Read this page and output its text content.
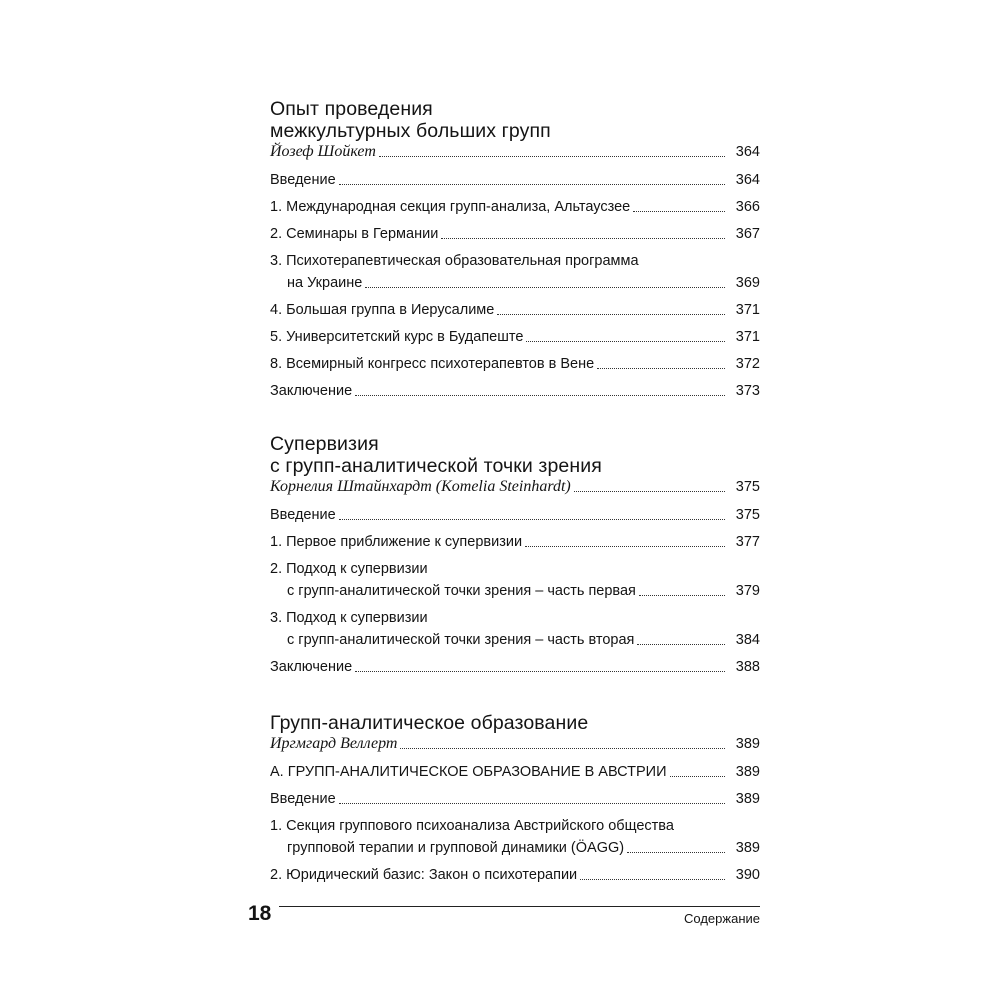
Опыт проведения
межкультурных больших групп
Йозеф Шойкет	364
Введение	364
1. Международная секция групп-анализа, Альтаусзее	366
2. Семинары в Германии	367
3. Психотерапевтическая образовательная программа
на Украине	369
4. Большая группа в Иерусалиме	371
5. Университетский курс в Будапеште	371
8. Всемирный конгресс психотерапевтов в Вене	372
Заключение	373
Супервизия
с групп-аналитической точки зрения
Корнелия Штайнхардт (Komelia Steinhardt)	375
Введение	375
1. Первое приближение к супервизии	377
2. Подход к супервизии
с групп-аналитической точки зрения – часть первая	379
3. Подход к супервизии
с групп-аналитической точки зрения – часть вторая	384
Заключение	388
Групп-аналитическое образование
Иргмгард Веллерт	389
А. ГРУПП-АНАЛИТИЧЕСКОЕ ОБРАЗОВАНИЕ В АВСТРИИ	389
Введение	389
1. Секция группового психоанализа Австрийского общества
групповой терапии и групповой динамики (ÖAGG)	389
2. Юридический базис: Закон о психотерапии	390
18	Содержание
